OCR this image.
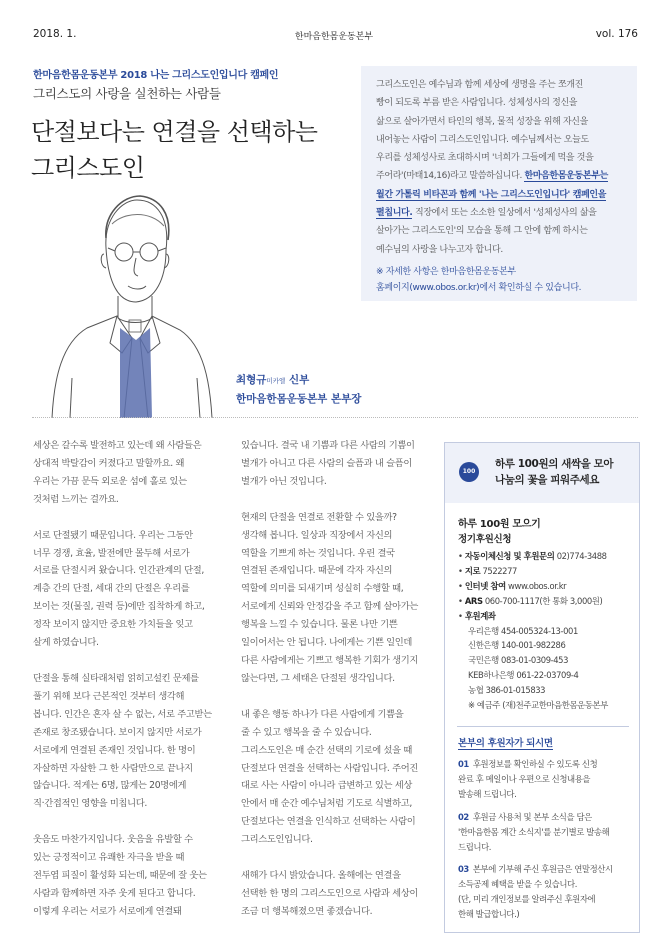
2018. 1.	한마음한몸운동본부	vol. 176
한마음한몸운동본부 2018 나는 그리스도인입니다 캠페인
그리스도의 사랑을 실천하는 사람들
단절보다는 연결을 선택하는
그리스도인

그리스도인은 예수님과 함께 세상에 생명을 주는 쪼개진
빵이 되도록 부름 받은 사람입니다. 성체성사의 정신을
삶으로 살아가면서 타인의 행복, 물적 성장을 위해 자신을
내어놓는 사람이 그리스도인입니다. 예수님께서는 오늘도
우리를 성체성사로 초대하시며 '너희가 그들에게 먹을 것을
주어라'(마태14,16)라고 말씀하십니다. 한마음한몸운동본부는
월간 가톨릭 비타꼰과 함께 '나는 그리스도인입니다' 캠페인을
펼칩니다. 직장에서 또는 소소한 일상에서 '성체성사의 삶을
살아가는 그리스도인'의 모습을 통해 그 안에 함께 하시는
예수님의 사랑을 나누고자 합니다.

※ 자세한 사항은 한마음한몸운동본부
홈페이지(www.obos.or.kr)에서 확인하실 수 있습니다.
최형규미카엘 신부
한마음한몸운동본부 본부장

세상은 갈수록 발전하고 있는데 왜 사람들은
상대적 박탈감이 커졌다고 말할까요. 왜
우리는 가끔 문득 외로운 섬에 홀로 있는
것처럼 느끼는 걸까요.

서로 단절됐기 때문입니다. 우리는 그동안
너무 경쟁, 효율, 발전에만 몰두해 서로가
서로를 단절시켜 왔습니다. 인간관계의 단절,
계층 간의 단절, 세대 간의 단절은 우리를
보이는 것(물질, 권력 등)에만 집착하게 하고,
정작 보이지 않지만 중요한 가치들을 잊고
살게 하였습니다.

단절을 통해 실타래처럼 얽히고설킨 문제를
풀기 위해 보다 근본적인 것부터 생각해
봅니다. 인간은 혼자 살 수 없는, 서로 주고받는
존재로 창조됐습니다. 보이지 않지만 서로가
서로에게 연결된 존재인 것입니다. 한 명이
자살하면 자살한 그 한 사람만으로 끝나지
않습니다. 적게는 6명, 많게는 20명에게
직·간접적인 영향을 미칩니다.

웃음도 마찬가지입니다. 웃음을 유발할 수
있는 긍정적이고 유쾌한 자극을 받을 때
전두엽 피질이 활성화 되는데, 때문에 잘 웃는
사람과 함께하면 자주 웃게 된다고 합니다.
이렇게 우리는 서로가 서로에게 연결돼

있습니다. 결국 내 기쁨과 다른 사람의 기쁨이
별개가 아니고 다른 사람의 슬픔과 내 슬픔이
별개가 아닌 것입니다.

현재의 단절을 연결로 전환할 수 있을까?
생각해 봅니다. 일상과 직장에서 자신의
역할을 기쁘게 하는 것입니다. 우린 결국
연결된 존재입니다. 때문에 각자 자신의
역할에 의미를 되새기며 성실히 수행할 때,
서로에게 신뢰와 안정감을 주고 함께 살아가는
행복을 느낄 수 있습니다. 물론 나만 기쁜
일이어서는 안 됩니다. 나에게는 기쁜 일인데
다른 사람에게는 기쁘고 행복한 기회가 생기지
않는다면, 그 세태은 단절된 생각입니다.

내 좋은 행동 하나가 다른 사람에게 기쁨을
줄 수 있고 행복을 줄 수 있습니다.
그리스도인은 매 순간 선택의 기로에 섰을 때
단절보다 연결을 선택하는 사람입니다. 주어진
대로 사는 사람이 아니라 급변하고 있는 세상
안에서 매 순간 예수님처럼 기도로 식별하고,
단절보다는 연결을 인식하고 선택하는 사람이
그리스도인입니다.

새해가 다시 밝았습니다. 올해에는 연결을
선택한 한 명의 그리스도인으로 사람과 세상이
조금 더 행복해졌으면 좋겠습니다.

100
하루 100원의 새싹을 모아
나눔의 꽃을 피워주세요
하루 100원 모으기
정기후원신청
• 자동이체신청 및 후원문의 02)774-3488
• 지로 7522277
• 인터넷 참여 www.obos.or.kr
• ARS 060-700-1117(한 통화 3,000원)
• 후원계좌
우리은행 454-005324-13-001
신한은행 140-001-982286
국민은행 083-01-0309-453
KEB하나은행 061-22-03709-4
농협 386-01-015833
※ 예금주 (재)천주교한마음한몸운동본부
본부의 후원자가 되시면
01 후원정보를 확인하실 수 있도록 신청
완료 후 메일이나 우편으로 신청내용을
발송해 드립니다.
02 후원금 사용처 및 본부 소식을 담은
'한마음한몸 계간 소식지'를 분기별로 발송해
드립니다.
03 본부에 기부해 주신 후원금은 연말정산시
소득공제 혜택을 받을 수 있습니다.
(단, 미리 개인정보를 알려주신 후원자에
한해 발급합니다.)
